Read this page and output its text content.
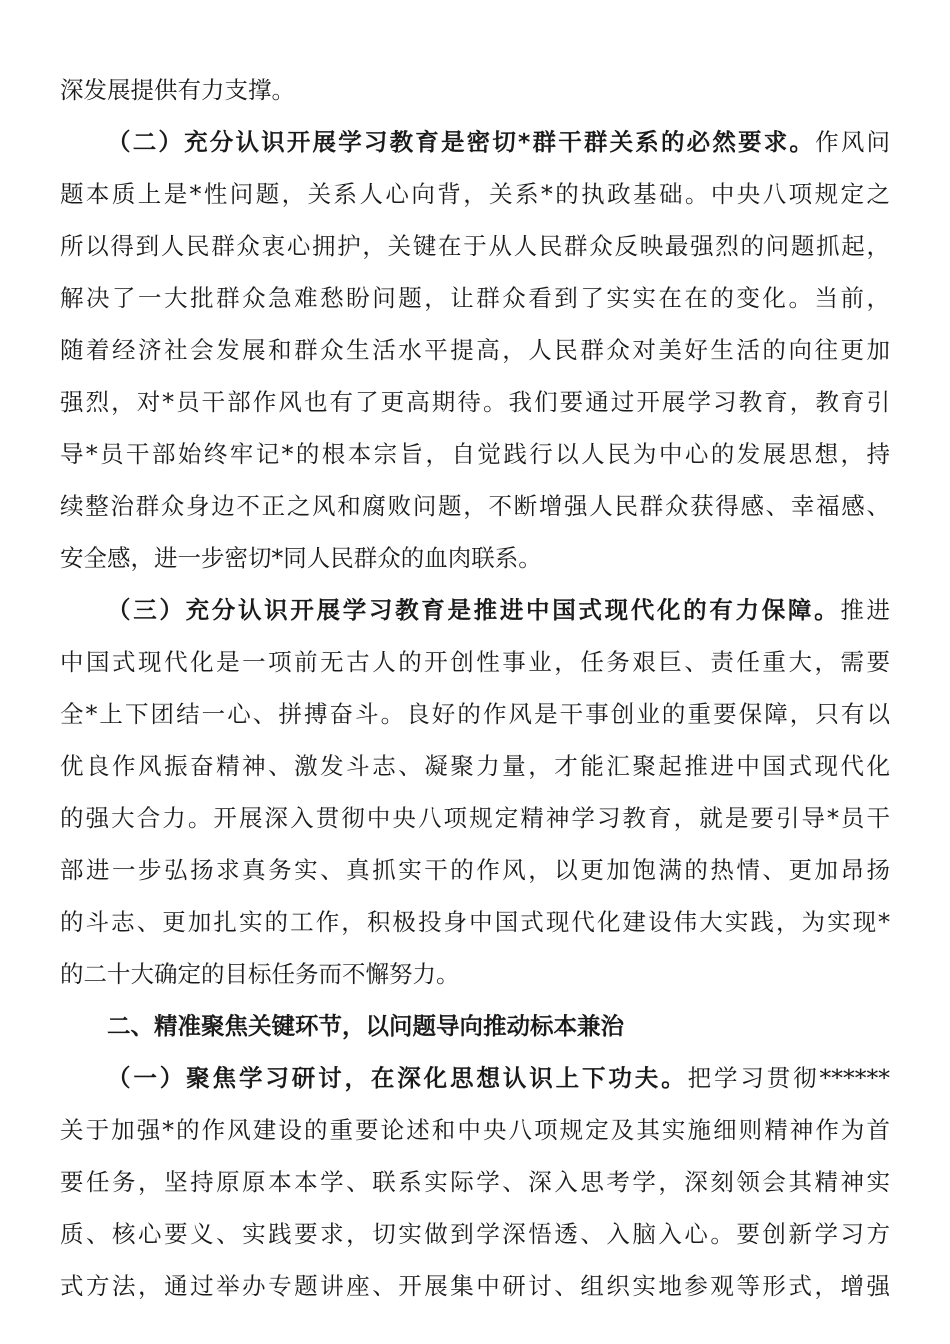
深发展提供有力支撑。
（二）充分认识开展学习教育是密切*群干群关系的必然要求。作风问
题本质上是*性问题，关系人心向背，关系*的执政基础。中央八项规定之
所以得到人民群众衷心拥护，关键在于从人民群众反映最强烈的问题抓起，
解决了一大批群众急难愁盼问题，让群众看到了实实在在的变化。当前，
随着经济社会发展和群众生活水平提高，人民群众对美好生活的向往更加
强烈，对*员干部作风也有了更高期待。我们要通过开展学习教育，教育引
导*员干部始终牢记*的根本宗旨，自觉践行以人民为中心的发展思想，持
续整治群众身边不正之风和腐败问题，不断增强人民群众获得感、幸福感、
安全感，进一步密切*同人民群众的血肉联系。
（三）充分认识开展学习教育是推进中国式现代化的有力保障。推进
中国式现代化是一项前无古人的开创性事业，任务艰巨、责任重大，需要
全*上下团结一心、拼搏奋斗。良好的作风是干事创业的重要保障，只有以
优良作风振奋精神、激发斗志、凝聚力量，才能汇聚起推进中国式现代化
的强大合力。开展深入贯彻中央八项规定精神学习教育，就是要引导*员干
部进一步弘扬求真务实、真抓实干的作风，以更加饱满的热情、更加昂扬
的斗志、更加扎实的工作，积极投身中国式现代化建设伟大实践，为实现*
的二十大确定的目标任务而不懈努力。
二、精准聚焦关键环节，以问题导向推动标本兼治
（一）聚焦学习研讨，在深化思想认识上下功夫。把学习贯彻******
关于加强*的作风建设的重要论述和中央八项规定及其实施细则精神作为首
要任务，坚持原原本本学、联系实际学、深入思考学，深刻领会其精神实
质、核心要义、实践要求，切实做到学深悟透、入脑入心。要创新学习方
式方法，通过举办专题讲座、开展集中研讨、组织实地参观等形式，增强
